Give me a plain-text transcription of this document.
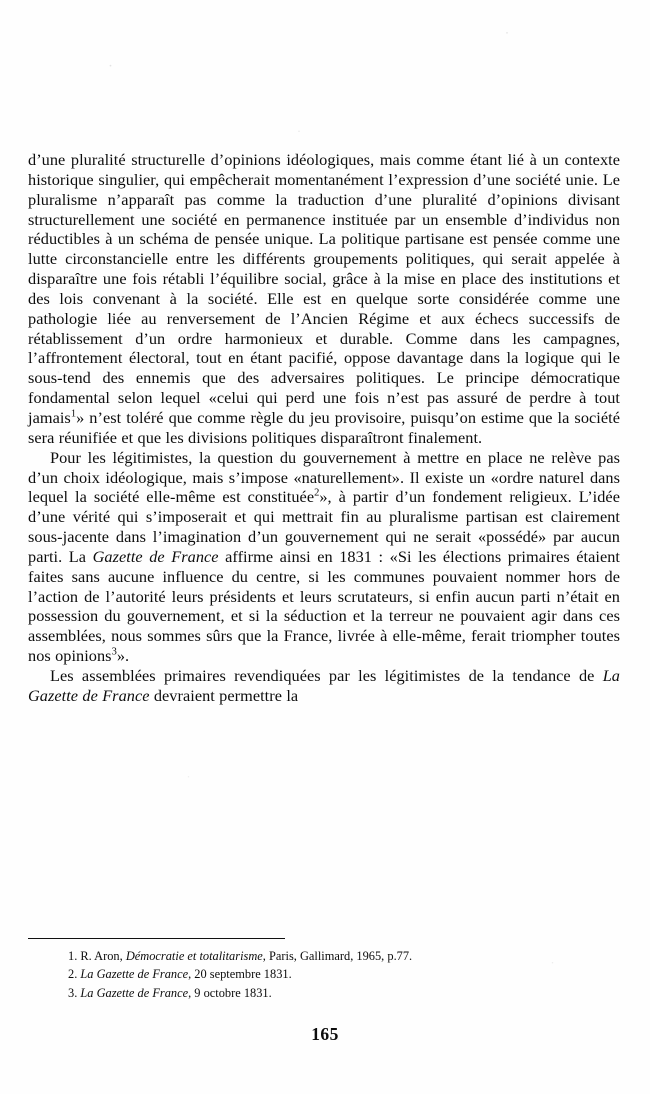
d’une pluralité structurelle d’opinions idéologiques, mais comme étant lié à un contexte historique singulier, qui empêcherait momentanément l’expression d’une société unie. Le pluralisme n’apparaît pas comme la traduction d’une pluralité d’opinions divisant structurellement une société en permanence instituée par un ensemble d’individus non réductibles à un schéma de pensée unique. La politique partisane est pensée comme une lutte circonstancielle entre les différents groupements politiques, qui serait appelée à disparaître une fois rétabli l’équilibre social, grâce à la mise en place des institutions et des lois convenant à la société. Elle est en quelque sorte considérée comme une pathologie liée au renversement de l’Ancien Régime et aux échecs successifs de rétablissement d’un ordre harmonieux et durable. Comme dans les campagnes, l’affrontement électoral, tout en étant pacifié, oppose davantage dans la logique qui le sous-tend des ennemis que des adversaires politiques. Le principe démocratique fondamental selon lequel «celui qui perd une fois n’est pas assuré de perdre à tout jamais$^1$» n’est toléré que comme règle du jeu provisoire, puisqu’on estime que la société sera réunifiée et que les divisions politiques disparaîtront finalement.

Pour les légitimistes, la question du gouvernement à mettre en place ne relève pas d’un choix idéologique, mais s’impose «naturellement». Il existe un «ordre naturel dans lequel la société elle-même est constituée$^2$», à partir d’un fondement religieux. L’idée d’une vérité qui s’imposerait et qui mettrait fin au pluralisme partisan est clairement sous-jacente dans l’imagination d’un gouvernement qui ne serait «possédé» par aucun parti. La Gazette de France affirme ainsi en 1831 : «Si les élections primaires étaient faites sans aucune influence du centre, si les communes pouvaient nommer hors de l’action de l’autorité leurs présidents et leurs scrutateurs, si enfin aucun parti n’était en possession du gouvernement, et si la séduction et la terreur ne pouvaient agir dans ces assemblées, nous sommes sûrs que la France, livrée à elle-même, ferait triompher toutes nos opinions$^3$».

Les assemblées primaires revendiquées par les légitimistes de la tendance de La Gazette de France devraient permettre la

1. R. Aron, Démocratie et totalitarisme, Paris, Gallimard, 1965, p.77.

2. La Gazette de France, 20 septembre 1831.

3. La Gazette de France, 9 octobre 1831.

165
